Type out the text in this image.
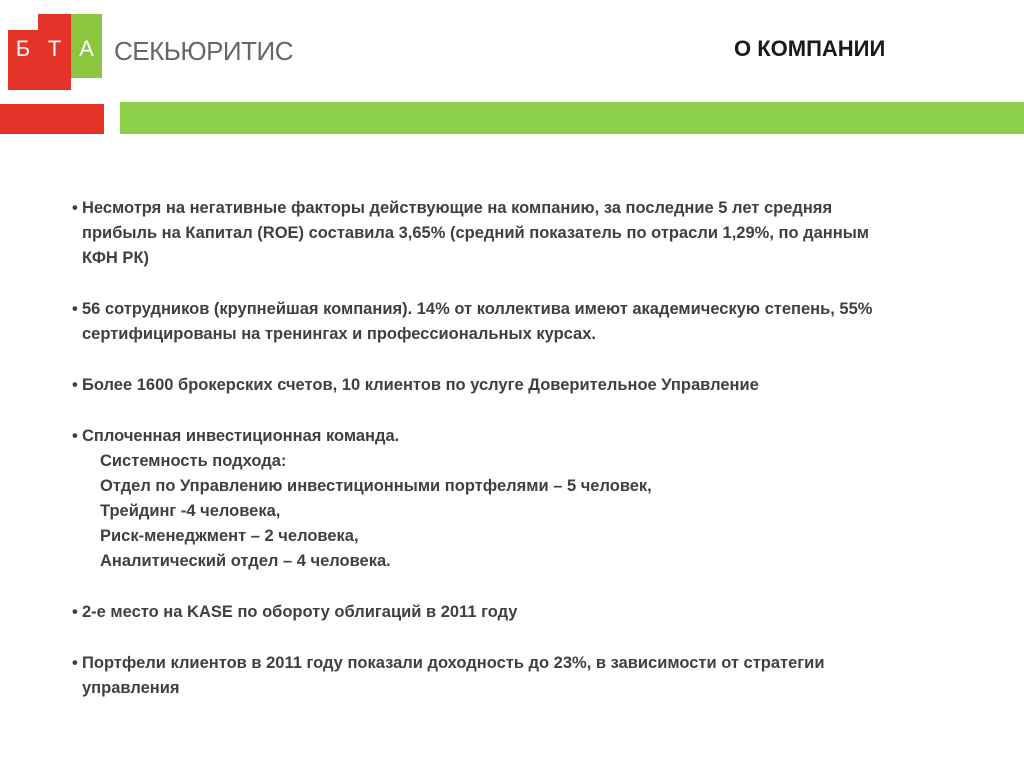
Б Т А СЕКЬЮРИТИС	О КОМПАНИИ
• Несмотря на негативные факторы действующие на компанию, за последние 5 лет средняя
прибыль на Капитал (ROE) составила 3,65% (средний показатель по отрасли 1,29%, по данным
КФН РК)
• 56 сотрудников (крупнейшая компания). 14% от коллектива имеют академическую степень, 55%
сертифицированы на тренингах и профессиональных курсах.
• Более 1600 брокерских счетов, 10 клиентов по услуге Доверительное Управление
• Сплоченная инвестиционная команда.
Системность подхода:
Отдел по Управлению инвестиционными портфелями – 5 человек,
Трейдинг -4 человека,
Риск-менеджмент – 2 человека,
Аналитический отдел – 4 человека.
• 2-е место на KASE по обороту облигаций в 2011 году
• Портфели клиентов в 2011 году показали доходность до 23%, в зависимости от стратегии
управления
